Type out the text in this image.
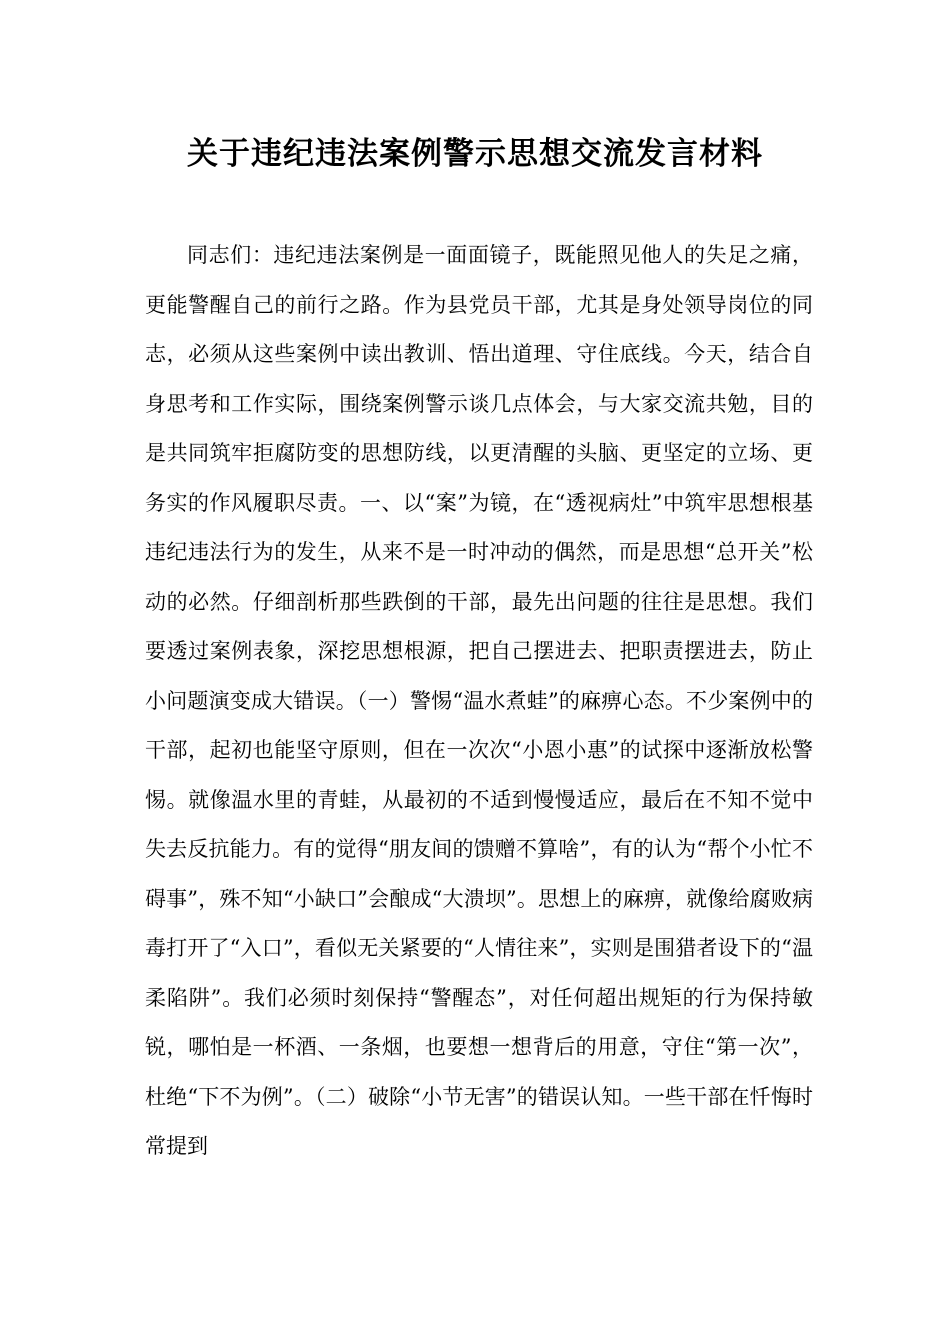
关于违纪违法案例警示思想交流发言材料

同志们：违纪违法案例是一面面镜子，既能照见他人的失足之痛，更能警醒自己的前行之路。作为县党员干部，尤其是身处领导岗位的同志，必须从这些案例中读出教训、悟出道理、守住底线。今天，结合自身思考和工作实际，围绕案例警示谈几点体会，与大家交流共勉，目的是共同筑牢拒腐防变的思想防线，以更清醒的头脑、更坚定的立场、更务实的作风履职尽责。一、以“案”为镜，在“透视病灶”中筑牢思想根基违纪违法行为的发生，从来不是一时冲动的偶然，而是思想“总开关”松动的必然。仔细剖析那些跌倒的干部，最先出问题的往往是思想。我们要透过案例表象，深挖思想根源，把自己摆进去、把职责摆进去，防止小问题演变成大错误。（一）警惕“温水煮蛙”的麻痹心态。不少案例中的干部，起初也能坚守原则，但在一次次“小恩小惠”的试探中逐渐放松警惕。就像温水里的青蛙，从最初的不适到慢慢适应，最后在不知不觉中失去反抗能力。有的觉得“朋友间的馈赠不算啥”，有的认为“帮个小忙不碍事”，殊不知“小缺口”会酿成“大溃坝”。思想上的麻痹，就像给腐败病毒打开了“入口”，看似无关紧要的“人情往来”，实则是围猎者设下的“温柔陷阱”。我们必须时刻保持“警醒态”，对任何超出规矩的行为保持敏锐，哪怕是一杯酒、一条烟，也要想一想背后的用意，守住“第一次”，杜绝“下不为例”。（二）破除“小节无害”的错误认知。一些干部在忏悔时常提到
